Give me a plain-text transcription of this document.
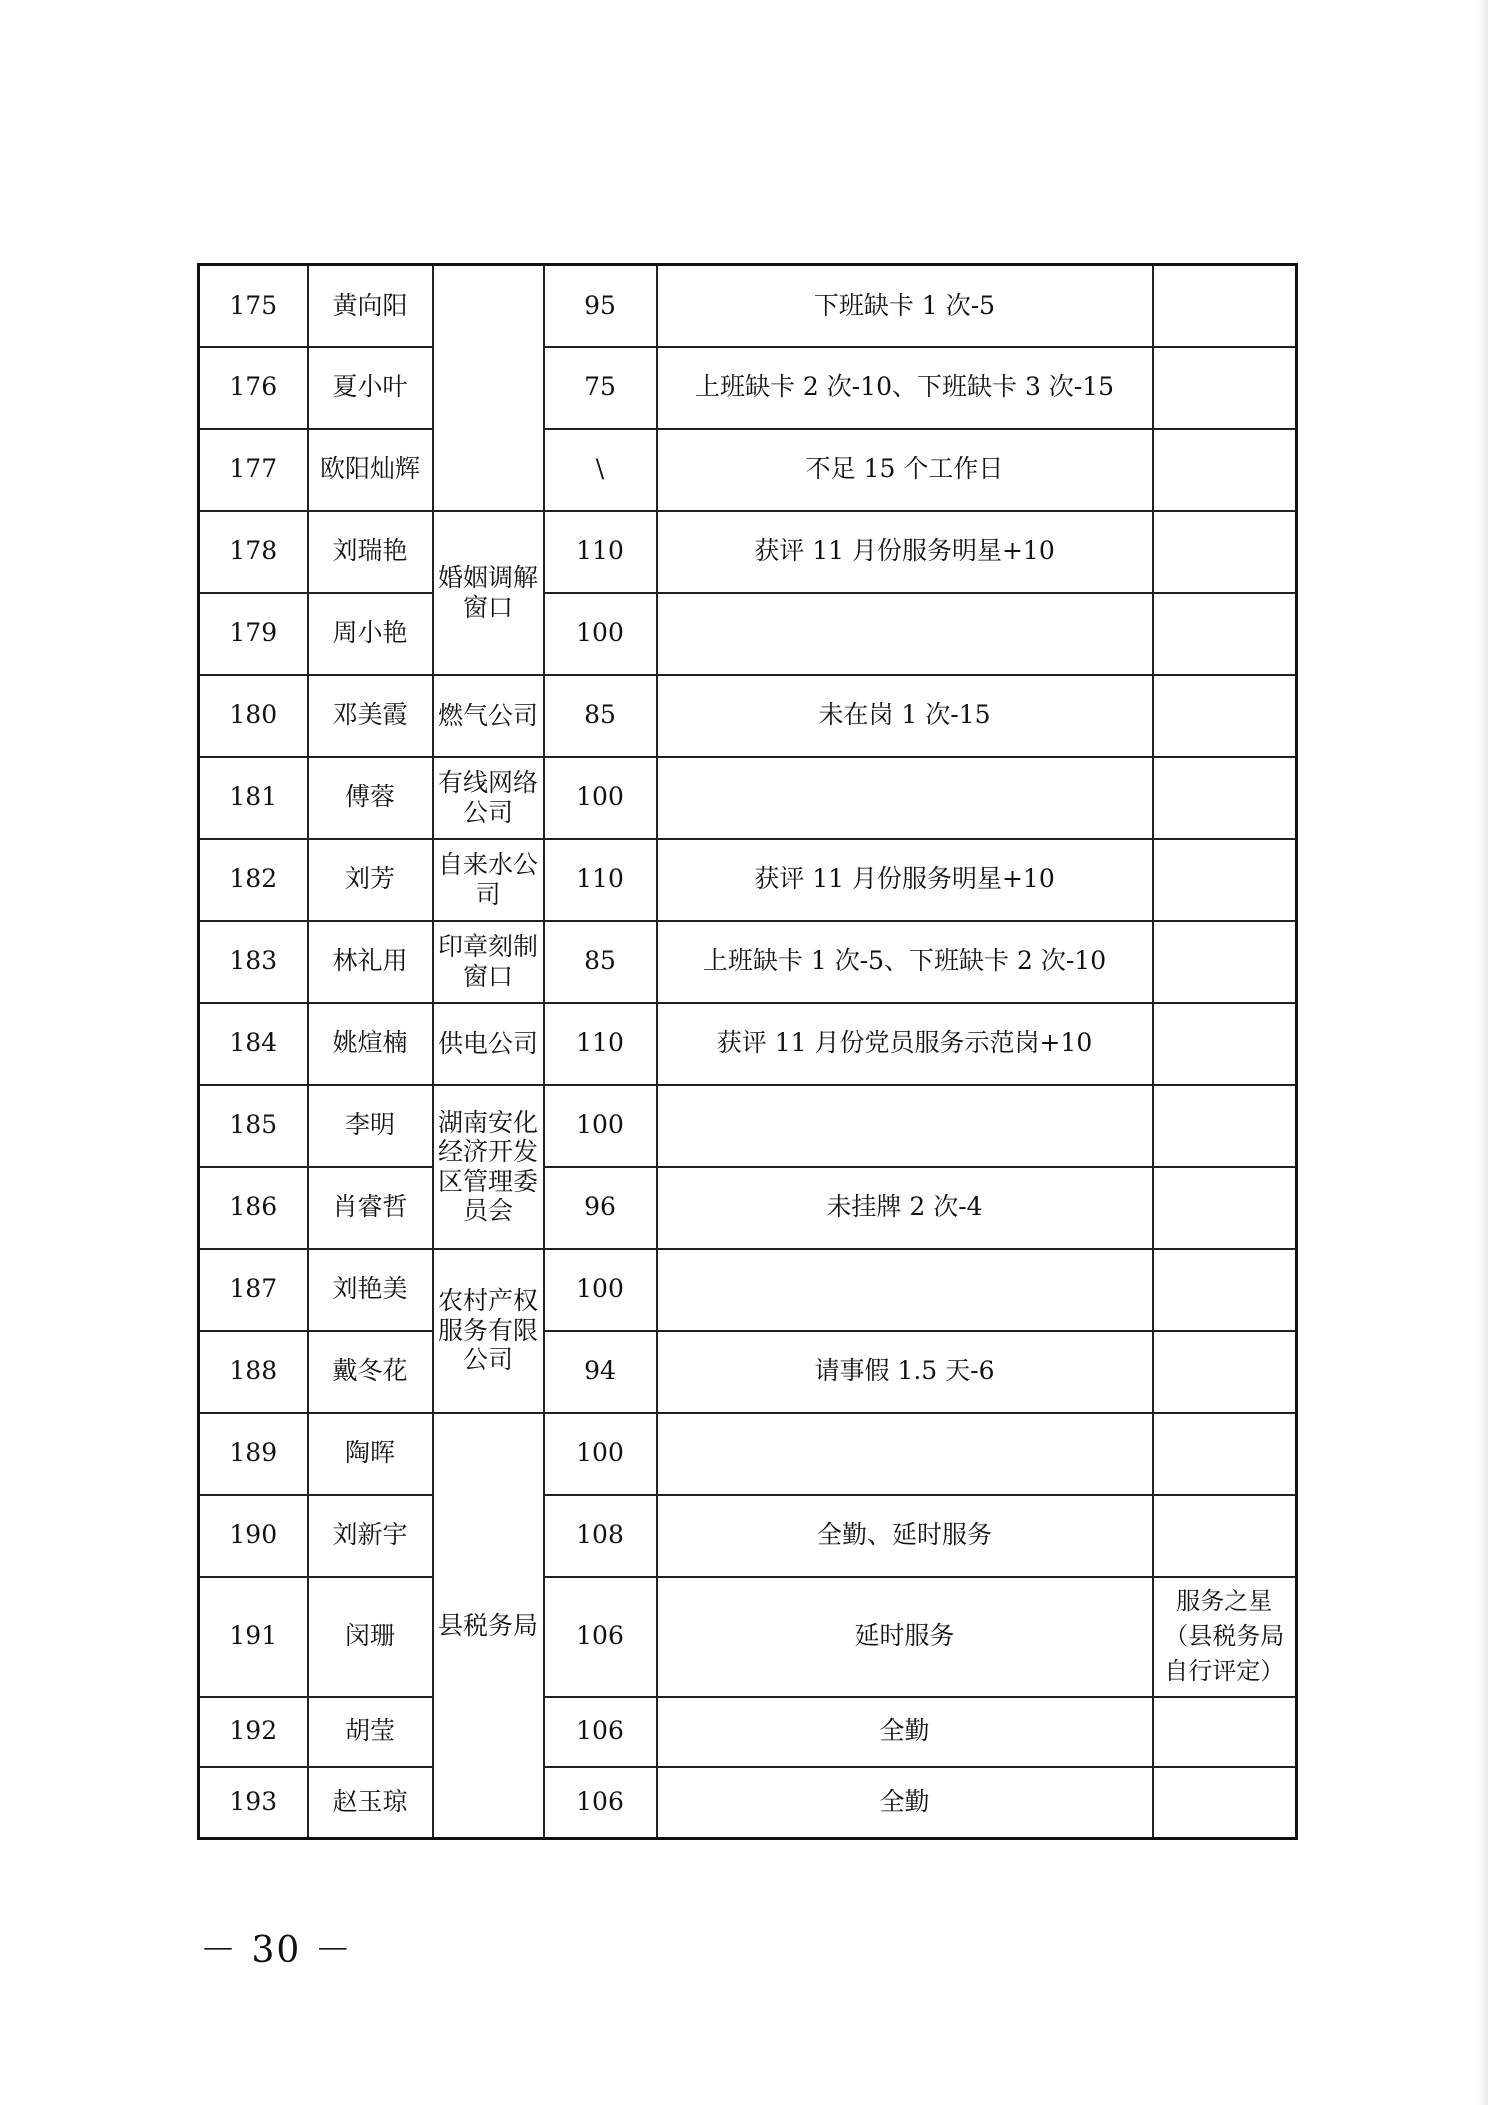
175	黄向阳		95	下班缺卡 1 次-5	
176	夏小叶		75	上班缺卡 2 次-10、下班缺卡 3 次-15	
177	欧阳灿辉		\	不足 15 个工作日	
178	刘瑞艳	婚姻调解窗口	110	获评 11 月份服务明星+10	
179	周小艳		100		
180	邓美霞	燃气公司	85	未在岗 1 次-15	
181	傅蓉	有线网络公司	100		
182	刘芳	自来水公司	110	获评 11 月份服务明星+10	
183	林礼用	印章刻制窗口	85	上班缺卡 1 次-5、下班缺卡 2 次-10	
184	姚煊楠	供电公司	110	获评 11 月份党员服务示范岗+10	
185	李明	湖南安化经济开发区管理委员会	100		
186	肖睿哲		96	未挂牌 2 次-4	
187	刘艳美	农村产权服务有限公司	100		
188	戴冬花		94	请事假 1.5 天-6	
189	陶晖	县税务局	100		
190	刘新宇		108	全勤、延时服务	
191	闵珊		106	延时服务	服务之星（县税务局自行评定）
192	胡莹		106	全勤	
193	赵玉琼		106	全勤	
－ 30 －
